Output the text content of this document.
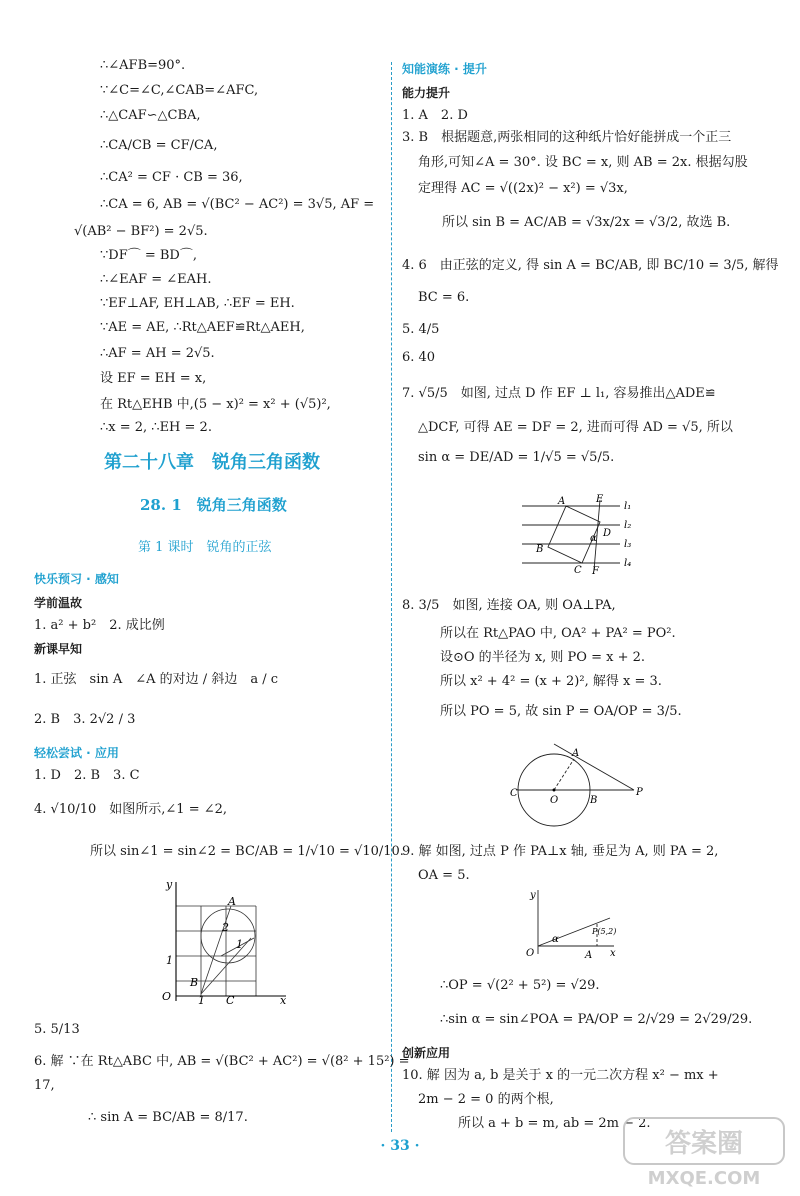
∴∠AFB=90°.
∵∠C=∠C,∠CAB=∠AFC,
∴△CAF∽△CBA,
∴CA/CB = CF/CA,
∴CA² = CF · CB = 36,
∴CA = 6, AB = √(BC² − AC²) = 3√5, AF =
√(AB² − BF²) = 2√5.
∵DF⌒ = BD⌒,
∴∠EAF = ∠EAH.
∵EF⊥AF, EH⊥AB, ∴EF = EH.
∵AE = AE, ∴Rt△AEF≌Rt△AEH,
∴AF = AH = 2√5.
设 EF = EH = x,
在 Rt△EHB 中,(5 − x)² = x² + (√5)²,
∴x = 2, ∴EH = 2.
第二十八章　锐角三角函数
28. 1　锐角三角函数
第 1 课时　锐角的正弦
快乐预习 · 感知
学前温故
1. a² + b²　2. 成比例
新课早知
1. 正弦　sin A　∠A 的对边 / 斜边　a / c
2. B　3. 2√2 / 3
轻松尝试 · 应用
1. D　2. B　3. C
4. √10/10　如图所示,∠1 = ∠2,
所以 sin∠1 = sin∠2 = BC/AB = 1/√10 = √10/10.
y
A
2
1
1
B
O 1 C	x
5. 5/13
6. 解 ∵在 Rt△ABC 中, AB = √(BC² + AC²) = √(8² + 15²) =
17,
∴ sin A = BC/AB = 8/17.
知能演练 · 提升
能力提升
1. A　2. D
3. B　根据题意,两张相同的这种纸片恰好能拼成一个正三
角形,可知∠A = 30°. 设 BC = x, 则 AB = 2x. 根据勾股
定理得 AC = √((2x)² − x²) = √3x,
所以 sin B = AC/AB = √3x/2x = √3/2, 故选 B.
4. 6　由正弦的定义, 得 sin A = BC/AB, 即 BC/10 = 3/5, 解得
BC = 6.
5. 4/5
6. 40
7. √5/5　如图, 过点 D 作 EF ⊥ l₁, 容易推出△ADE≌
△DCF, 可得 AE = DF = 2, 进而可得 AD = √5, 所以
sin α = DE/AD = 1/√5 = √5/5.
A	E
l₁
l₂
α D
l₃
B
l₄
C F
8. 3/5　如图, 连接 OA, 则 OA⊥PA,
所以在 Rt△PAO 中, OA² + PA² = PO².
设⊙O 的半径为 x, 则 PO = x + 2.
所以 x² + 4² = (x + 2)², 解得 x = 3.
所以 PO = 5, 故 sin P = OA/OP = 3/5.
A
C
O	B
P
9. 解 如图, 过点 P 作 PA⊥x 轴, 垂足为 A, 则 PA = 2,
OA = 5.
y
P(5,2)
α
O	A x
∴OP = √(2² + 5²) = √29.
∴sin α = sin∠POA = PA/OP = 2/√29 = 2√29/29.
创新应用
10. 解 因为 a, b 是关于 x 的一元二次方程 x² − mx +
2m − 2 = 0 的两个根,
所以 a + b = m, ab = 2m − 2.
· 33 ·	答案圈
MXQE.COM
